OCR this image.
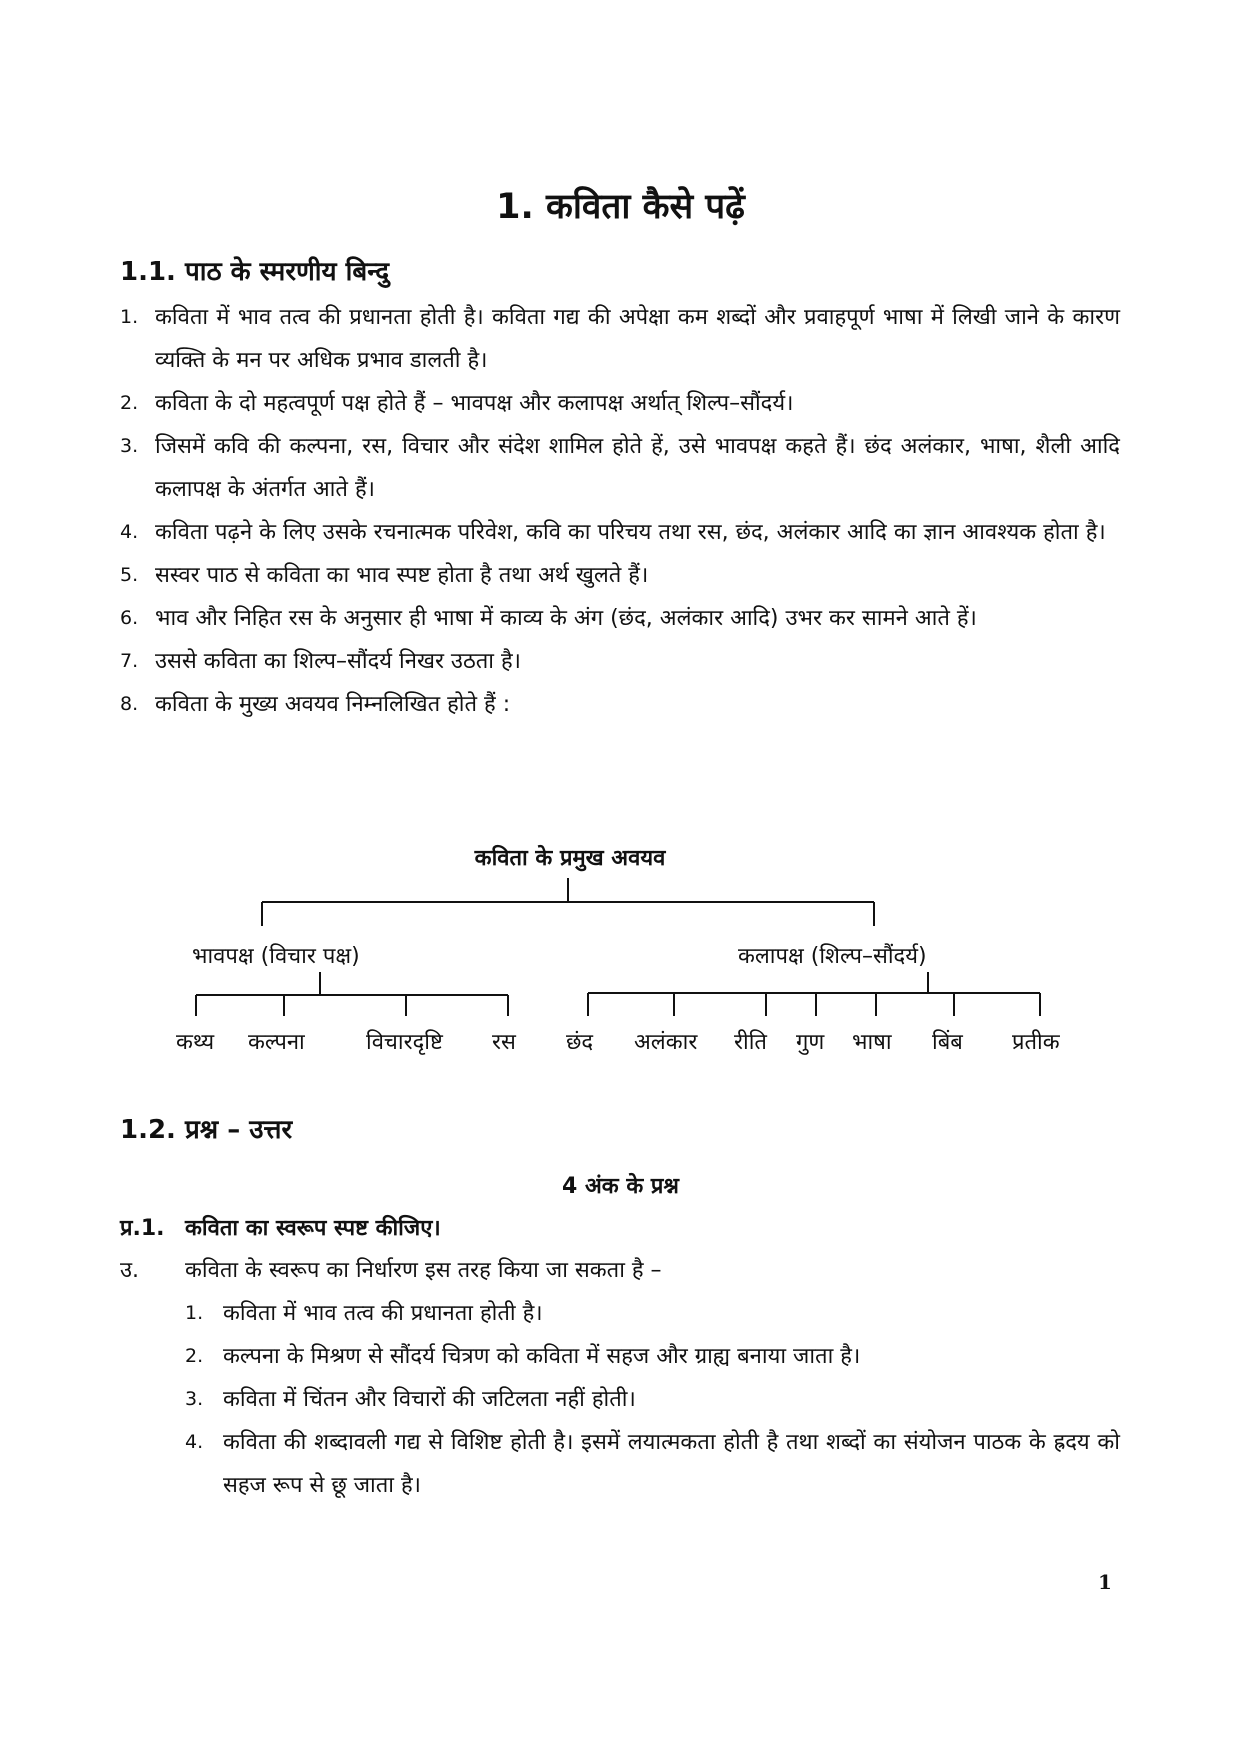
1. कविता कैसे पढ़ें
1.1. पाठ के स्मरणीय बिन्दु
1. कविता में भाव तत्व की प्रधानता होती है। कविता गद्य की अपेक्षा कम शब्दों और प्रवाहपूर्ण भाषा में लिखी जाने के कारण व्यक्ति के मन पर अधिक प्रभाव डालती है।
2. कविता के दो महत्वपूर्ण पक्ष होते हैं – भावपक्ष और कलापक्ष अर्थात् शिल्प–सौंदर्य।
3. जिसमें कवि की कल्पना, रस, विचार और संदेश शामिल होते हें, उसे भावपक्ष कहते हैं। छंद अलंकार, भाषा, शैली आदि कलापक्ष के अंतर्गत आते हैं।
4. कविता पढ़ने के लिए उसके रचनात्मक परिवेश, कवि का परिचय तथा रस, छंद, अलंकार आदि का ज्ञान आवश्यक होता है।
5. सस्वर पाठ से कविता का भाव स्पष्ट होता है तथा अर्थ खुलते हैं।
6. भाव और निहित रस के अनुसार ही भाषा में काव्य के अंग (छंद, अलंकार आदि) उभर कर सामने आते हें।
7. उससे कविता का शिल्प–सौंदर्य निखर उठता है।
8. कविता के मुख्य अवयव निम्नलिखित होते हैं :
कविता के प्रमुख अवयव
भावपक्ष (विचार पक्ष)	कलापक्ष (शिल्प–सौंदर्य)
कथ्य कल्पना	विचारदृष्टि रस छंद अलंकार रीति गुण भाषा बिंब प्रतीक
1.2. प्रश्न – उत्तर
4 अंक के प्रश्न
प्र.1. कविता का स्वरूप स्पष्ट कीजिए।
उ.	कविता के स्वरूप का निर्धारण इस तरह किया जा सकता है –
1. कविता में भाव तत्व की प्रधानता होती है।
2. कल्पना के मिश्रण से सौंदर्य चित्रण को कविता में सहज और ग्राह्य बनाया जाता है।
3. कविता में चिंतन और विचारों की जटिलता नहीं होती।
4. कविता की शब्दावली गद्य से विशिष्ट होती है। इसमें लयात्मकता होती है तथा शब्दों का संयोजन पाठक के ह्रदय को सहज रूप से छू जाता है।
1
